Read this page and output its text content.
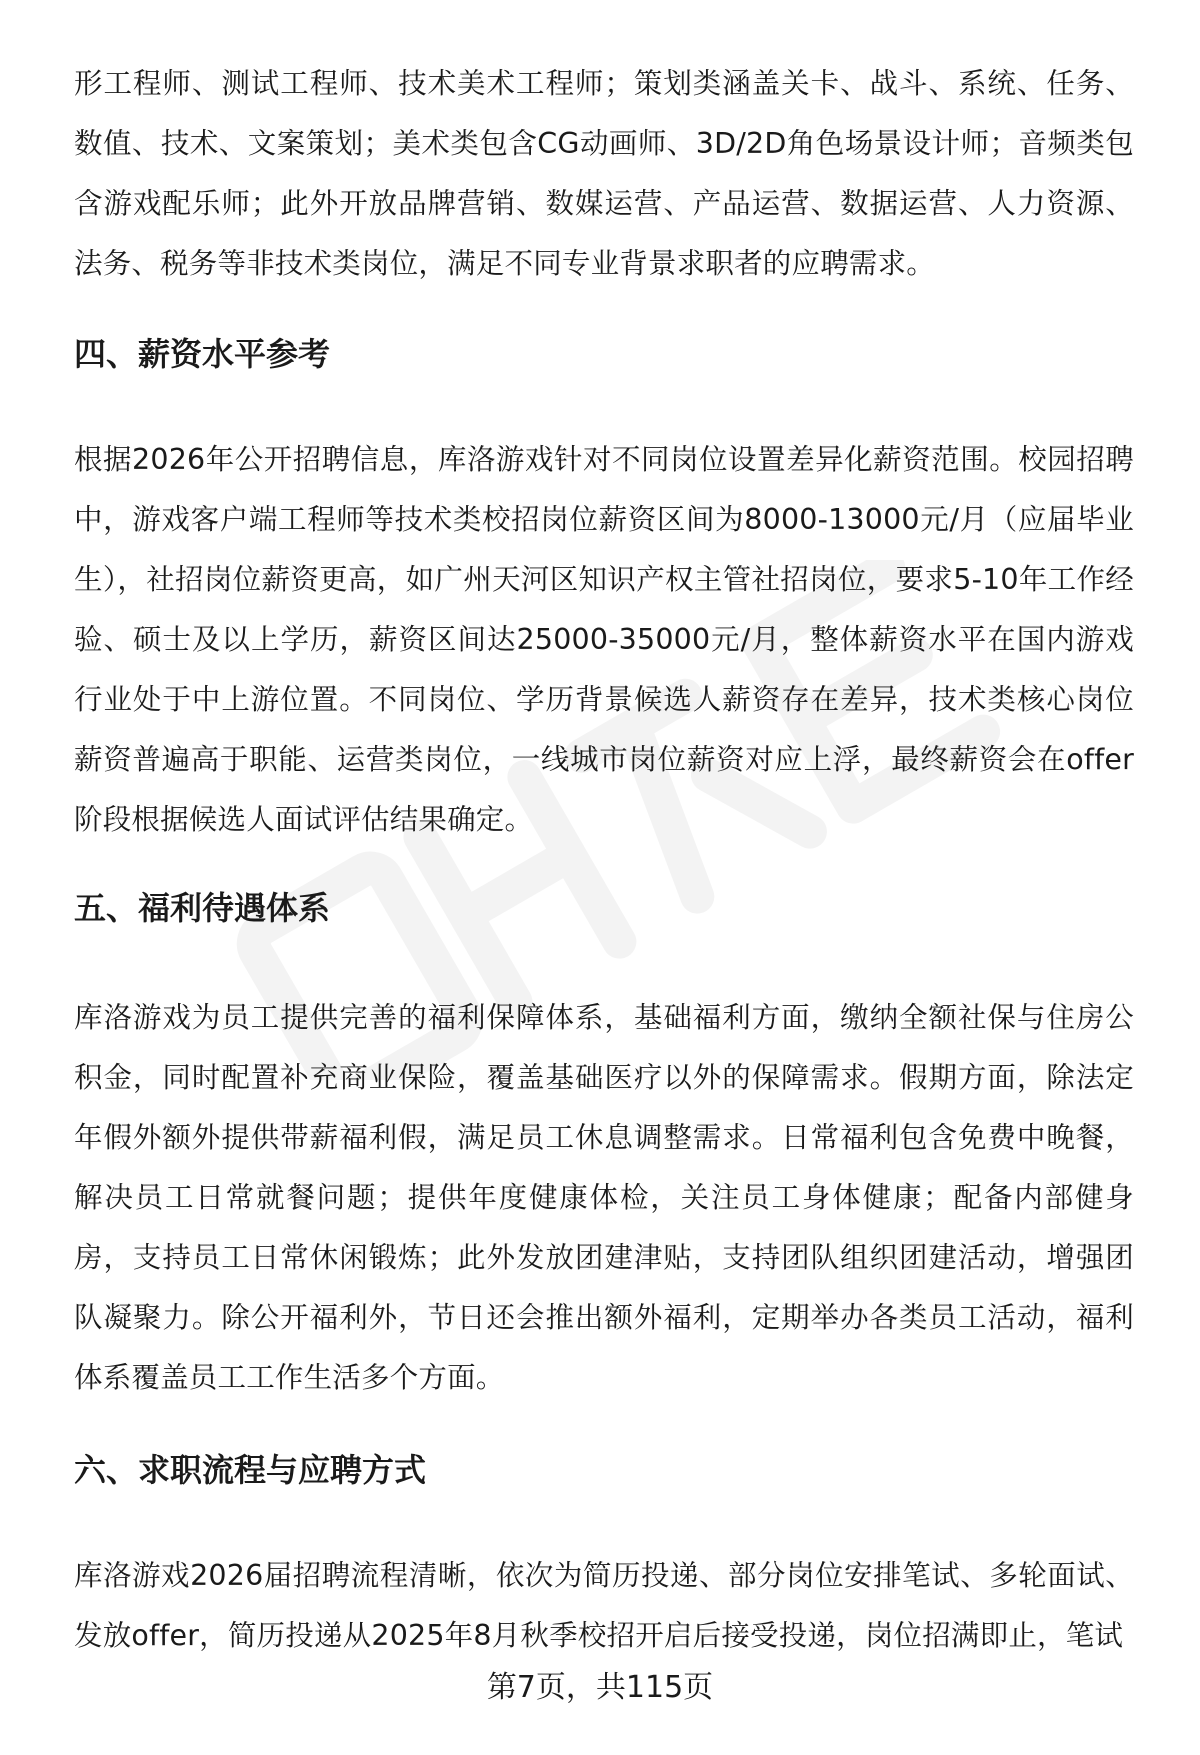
形工程师、测试工程师、技术美术工程师；策划类涵盖关卡、战斗、系统、任务、数值、技术、文案策划；美术类包含CG动画师、3D/2D角色场景设计师；音频类包含游戏配乐师；此外开放品牌营销、数媒运营、产品运营、数据运营、人力资源、法务、税务等非技术类岗位，满足不同专业背景求职者的应聘需求。

四、薪资水平参考

根据2026年公开招聘信息，库洛游戏针对不同岗位设置差异化薪资范围。校园招聘中，游戏客户端工程师等技术类校招岗位薪资区间为8000-13000元/月（应届毕业生），社招岗位薪资更高，如广州天河区知识产权主管社招岗位，要求5-10年工作经验、硕士及以上学历，薪资区间达25000-35000元/月，整体薪资水平在国内游戏行业处于中上游位置。不同岗位、学历背景候选人薪资存在差异，技术类核心岗位薪资普遍高于职能、运营类岗位，一线城市岗位薪资对应上浮，最终薪资会在offer阶段根据候选人面试评估结果确定。

五、福利待遇体系

库洛游戏为员工提供完善的福利保障体系，基础福利方面，缴纳全额社保与住房公积金，同时配置补充商业保险，覆盖基础医疗以外的保障需求。假期方面，除法定年假外额外提供带薪福利假，满足员工休息调整需求。日常福利包含免费中晚餐，解决员工日常就餐问题；提供年度健康体检，关注员工身体健康；配备内部健身房，支持员工日常休闲锻炼；此外发放团建津贴，支持团队组织团建活动，增强团队凝聚力。除公开福利外，节日还会推出额外福利，定期举办各类员工活动，福利体系覆盖员工工作生活多个方面。

六、求职流程与应聘方式

库洛游戏2026届招聘流程清晰，依次为简历投递、部分岗位安排笔试、多轮面试、发放offer，简历投递从2025年8月秋季校招开启后接受投递，岗位招满即止，笔试

第7页，共115页
